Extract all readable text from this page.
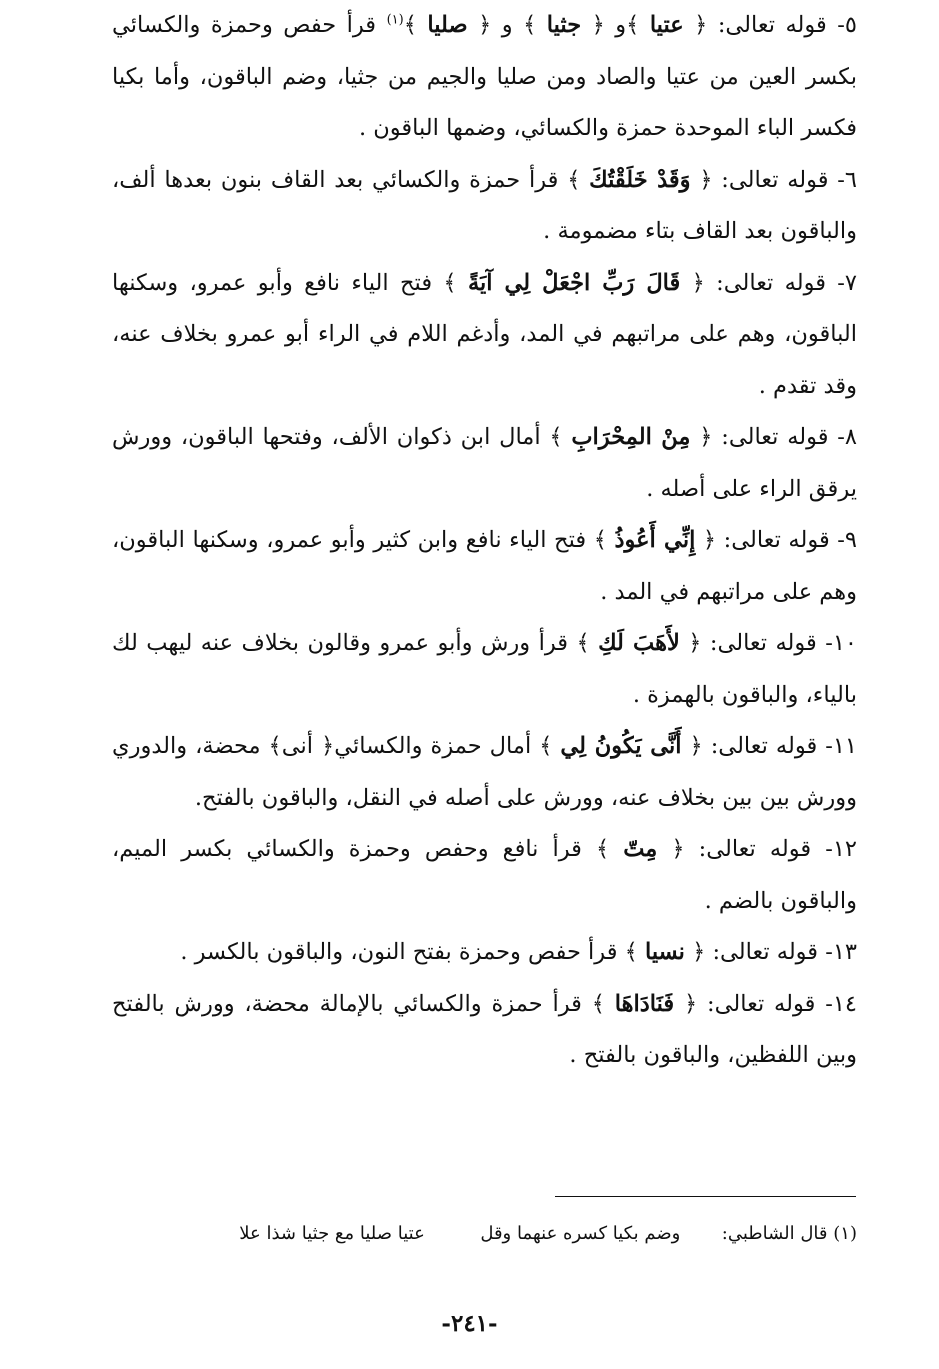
٥- قوله تعالى: ﴿ عتيا ﴾و ﴿ جثيا ﴾ و ﴿ صليا ﴾$^{(١)}$ قرأ حفص وحمزة والكسائي بكسر العين من عتيا والصاد ومن صليا والجيم من جثيا، وضم الباقون، وأما بكيا فكسر الباء الموحدة حمزة والكسائي، وضمها الباقون .

٦- قوله تعالى: ﴿ وَقَدْ خَلَقْتُكَ ﴾ قرأ حمزة والكسائي بعد القاف بنون بعدها ألف، والباقون بعد القاف بتاء مضمومة .

٧- قوله تعالى: ﴿ قَالَ رَبِّ اجْعَلْ لِي آيَةً ﴾ فتح الياء نافع وأبو عمرو، وسكنها الباقون، وهم على مراتبهم في المد، وأدغم اللام في الراء أبو عمرو بخلاف عنه، وقد تقدم .

٨- قوله تعالى: ﴿ مِنْ المِحْرَابِ ﴾ أمال ابن ذكوان الألف، وفتحها الباقون، وورش يرقق الراء على أصله .

٩- قوله تعالى: ﴿ إِنِّي أَعُوذُ ﴾ فتح الياء نافع وابن كثير وأبو عمرو، وسكنها الباقون، وهم على مراتبهم في المد .

١٠- قوله تعالى: ﴿ لأَهَبَ لَكِ ﴾ قرأ ورش وأبو عمرو وقالون بخلاف عنه ليهب لك بالياء، والباقون بالهمزة .

١١- قوله تعالى: ﴿ أَنَّى يَكُونُ لِي ﴾ أمال حمزة والكسائي﴿ أنى﴾ محضة، والدوري وورش بين بين بخلاف عنه، وورش على أصله في النقل، والباقون بالفتح.

١٢- قوله تعالى: ﴿ مِتّ ﴾ قرأ نافع وحفص وحمزة والكسائي بكسر الميم، والباقون بالضم .

١٣- قوله تعالى: ﴿ نسيا ﴾ قرأ حفص وحمزة بفتح النون، والباقون بالكسر .

١٤- قوله تعالى: ﴿ فَنَادَاهَا ﴾ قرأ حمزة والكسائي بالإمالة محضة، وورش بالفتح وبين اللفظين، والباقون بالفتح .

(١) قال الشاطبي:  وضم بكيا كسره عنهما وقل  عتيا صليا مع جثيا شذا علا
-٢٤١-
